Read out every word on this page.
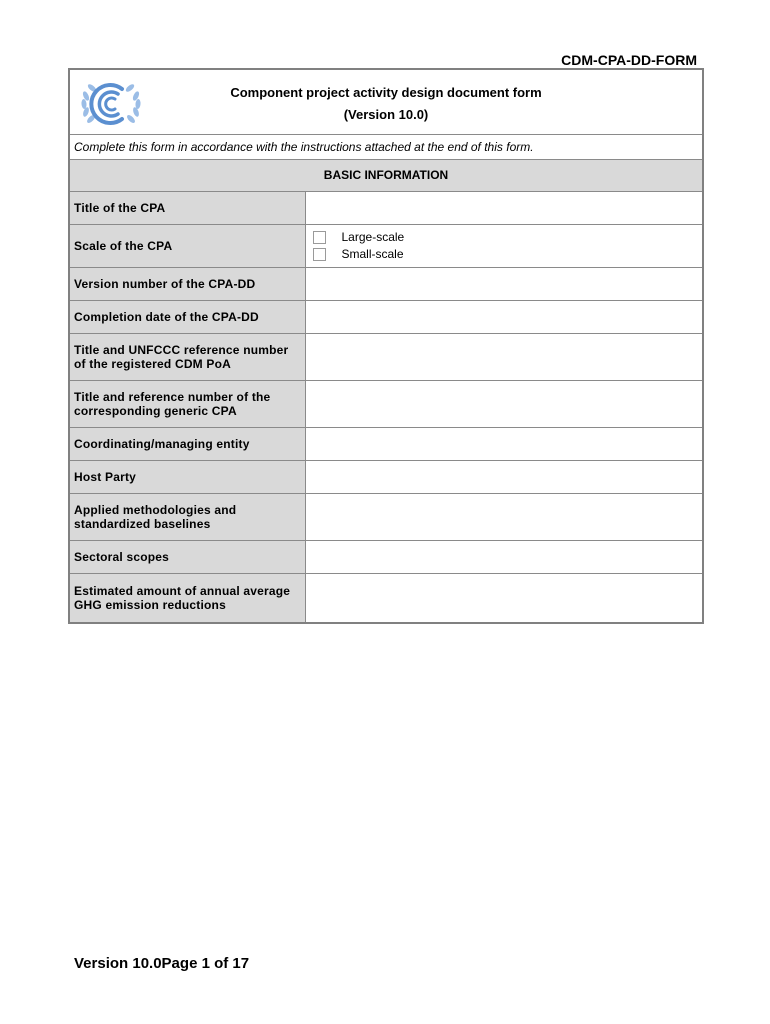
CDM-CPA-DD-FORM
Component project activity design document form
(Version 10.0)	

Complete this form in accordance with the instructions attached at the end of this form.	
BASIC INFORMATION	
Title of the CPA	
Scale of the CPA	Large-scale
Small-scale

Version number of the CPA-DD	
Completion date of the CPA-DD	
Title and UNFCCC reference number of the registered CDM PoA	
Title and reference number of the corresponding generic CPA	
Coordinating/managing entity	
Host Party	
Applied methodologies and standardized baselines	
Sectoral scopes	
Estimated amount of annual average GHG emission reductions	
Version 10.0Page 1 of 17
